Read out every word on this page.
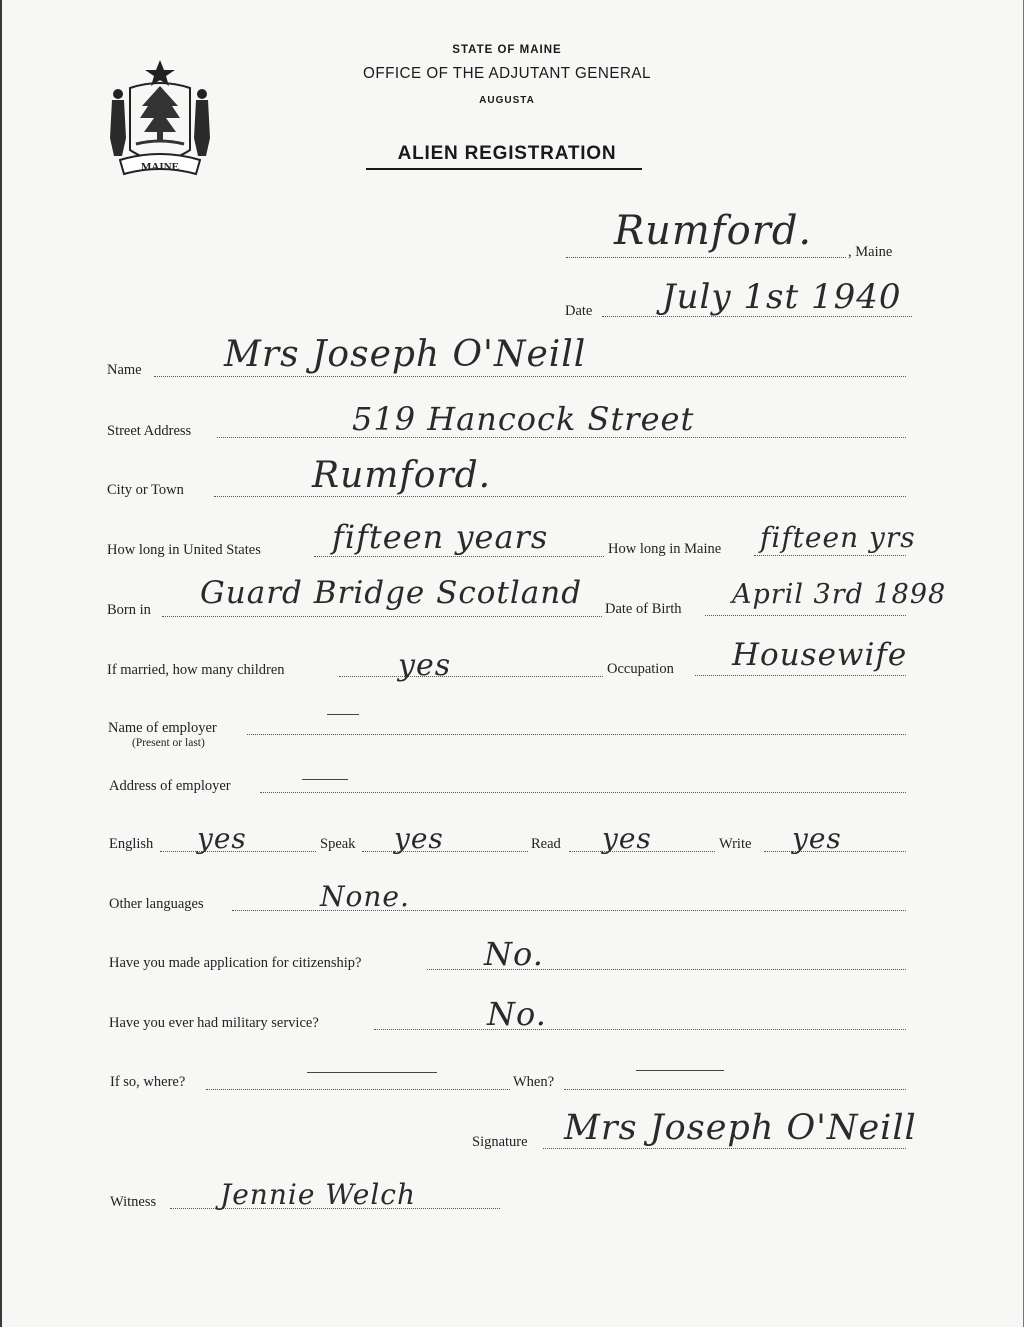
MAINE
STATE OF MAINE
OFFICE OF THE ADJUTANT GENERAL
AUGUSTA
ALIEN REGISTRATION
Rumford. , Maine
Date July 1st 1940
Name Mrs Joseph O'Neill
Street Address	519 Hancock Street
City or Town	Rumford.
How long in United States fifteen years	How long in Maine fifteen yrs
Born in Guard Bridge Scotland Date of Birth April 3rd 1898
If married, how many children	yes	Occupation Housewife
Name of employer
(Present or last)
Address of employer
English yes	Speak yes	Read yes	Write yes
Other languages	None.
Have you made application for citizenship?	No.
Have you ever had military service?	No.
If so, where?	When?
Signature Mrs Joseph O'Neill
Witness Jennie Welch
